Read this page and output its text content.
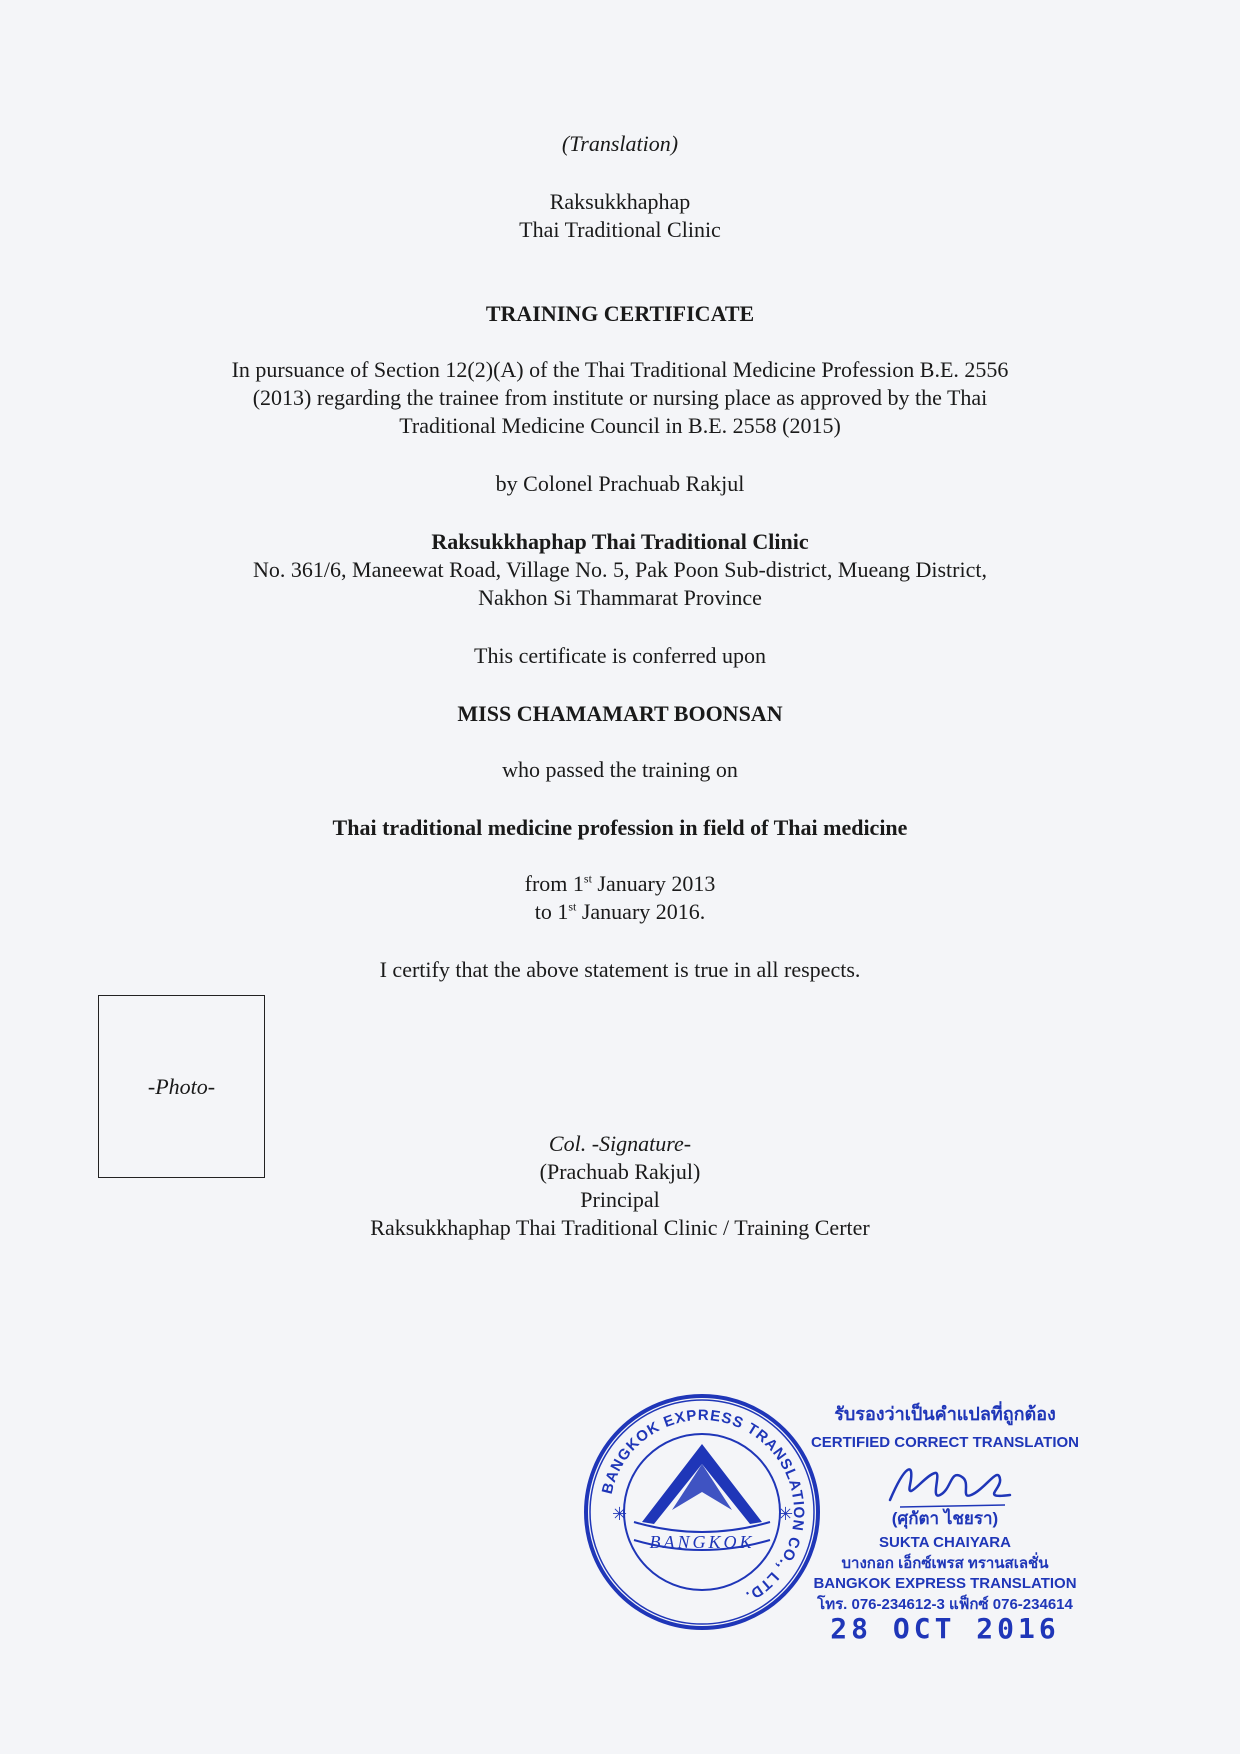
(Translation)

Raksukkhaphap

Thai Traditional Clinic

TRAINING CERTIFICATE

In pursuance of Section 12(2)(A) of the Thai Traditional Medicine Profession B.E. 2556

(2013) regarding the trainee from institute or nursing place as approved by the Thai

Traditional Medicine Council in B.E. 2558 (2015)

by Colonel Prachuab Rakjul

Raksukkhaphap Thai Traditional Clinic

No. 361/6, Maneewat Road, Village No. 5, Pak Poon Sub-district, Mueang District,

Nakhon Si Thammarat Province

This certificate is conferred upon

MISS CHAMAMART BOONSAN

who passed the training on

Thai traditional medicine profession in field of Thai medicine

from 1st January 2013

to 1st January 2016.

I certify that the above statement is true in all respects.

-Photo-

Col. -Signature-

(Prachuab Rakjul)

Principal

Raksukkhaphap Thai Traditional Clinic / Training Certer

BANGKOK EXPRESS TRANSLATION CO., LTD.
BANGKOK
✳	✳
รับรองว่าเป็นคำแปลที่ถูกต้อง
CERTIFIED CORRECT TRANSLATION
(ศุกัตา ไชยรา)
SUKTA CHAIYARA
บางกอก เอ็กซ์เพรส ทรานสเลชั่น
BANGKOK EXPRESS TRANSLATION
โทร. 076-234612-3 แฟ็กซ์ 076-234614
28 OCT 2016
